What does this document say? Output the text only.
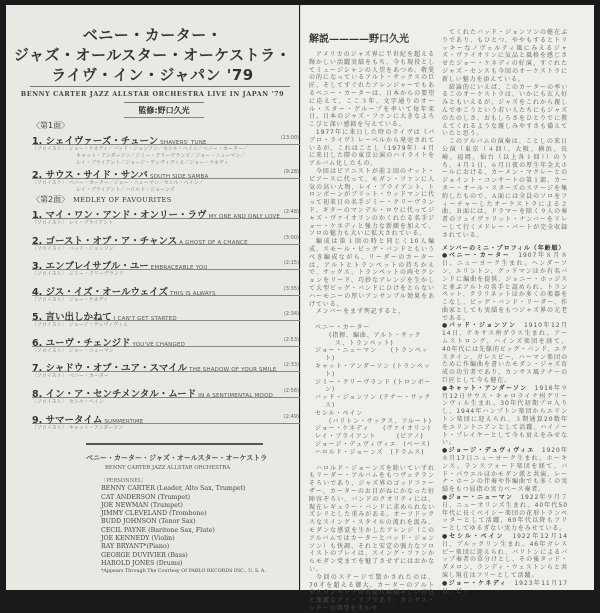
ベニー・カーター・
ジャズ・オールスター・オーケストラ・
ライヴ・イン・ジャパン '79
BENNY CARTER JAZZ ALLSTAR ORCHESTRA LIVE IN JAPAN '79
監修:野口久光
〈第1面〉
1. シェイヴァーズ・チューン SHAVERS' TUNE
(13:00)
〔ソロイスト〕 ジョー・ケネディ／バッド・ジョンソン／セシル・ペイン／ベニー・カーター／
キャット・アンダーソン／ジミー・クリーヴランド／ジョー・ニューマン／
レイ・ブライアント／ジョージ・デュヴィヴィエ／ジョー・ケネディ
2. サウス・サイド・サンバ SOUTH SIDE SAMBA
(9:28)
〔ソロイスト〕 ベニー・カーター／ジョー・ニューマン／セシル・ペイン／
レイ・ブライアント／ハロルド・ジョーンズ
〈第2面〉 MEDLEY OF FAVOURITES
1. マイ・ワン・アンド・オンリー・ラヴ MY ONE AND ONLY LOVE
(2:48)
〔ソロイスト〕 レイ・ブライアント
2. ゴースト・オブ・ア・チャンス A GHOST OF A CHANCE
(3:00)
〔ソロイスト〕 バッド・ジョンソン
3. エンブレイサブル・ユー EMBRACEABLE YOU
(2:15)
〔ソロイスト〕 ジミー・クリーヴランド
4. ジス・イズ・オールウェイズ THIS IS ALWAYS
(3:35)
〔ソロイスト〕 ジョー・ケネディ
5. 言い出しかねて I CAN'T GET STARTED
(2:34)
〔ソロイスト〕 ジョージ・デュヴィヴィエ
6. ユーヴ・チェンジド YOU'VE CHANGED
(2:53)
〔ソロイスト〕 ジョー・ニューマン
7. シャドウ・オブ・ユア・スマイル THE SHADOW OF YOUR SMILE
(2:33)
〔ソロイスト〕 ベニー・カーター
8. イン・ア・センチメンタル・ムード IN A SENTIMENTAL MOOD
(2:56)
〔ソロイスト〕 セシル・ペイン
9. サマータイム SUMMERTIME
(2:49)
〔ソロイスト〕 キャット・アンダーソン
ベニー・カーター・ジャズ・オールスター・オーケストラ
BENNY CARTER JAZZ ALLSTAR ORCHESTRA
〔PERSONNEL〕
BENNY CARTER (Leader, Alto Sax, Trumpet)
CAT ANDERSON (Trumpet)
JOE NEWMAN (Trumpet)
JIMMY CLEVELAND (Trombone)
BUDD JOHNSON (Tenor Sax)
CECIL PAYNE (Baritone Sax, Flute)
JOE KENNEDY (Violin)
RAY BRYANT*(Piano)
GEORGE DUVIVIER (Bass)
HAROLD JONES (Drums)
*Appears Through The Courtesy Of PABLO RECORDS INC., U. S. A.
解説————野口久光

アメリカのジャズ界に半世紀を超える輝かしい活躍実績をもち、今も現役としてミュージシャンの人望をあつめ、敬愛の的になっているアルト・サックスの巨匠、そしてすぐれたアレンジャーでもあるベニー・カーターは、日本からの要望に応えて、ここ３年、文字通りのオール・スター・グループを率いて毎年来日、日本のジャズ・ファンに大きなよろこびと深い感銘を与えている。

1977年に来日した時のライヴは《パブロ・ライヴ》レーベルから発売されているが、これはことし（1979年）４月に来日した際の東京公演のハイライトをアルバム化したもの。

今回はピアニストが前２回のナット・ピアースに代って、モダン・ファンに人気の高い大物、レイ・ブライアント、トロンボーンがブリット・ウッドマンに代って初来日の名手ジミー・クリーヴランド、ギターのマンデル・ロウに代ってジャズ・ヴァイオリンのかくれたる名手ジョー・ケネディと強力な新顔を加えて、ソロの魅力も大いに拡大されている。

編成は第１回の時と同じく10人編成、スモール・ビッグ・バンドともいうべき編成ながら、リーダーのカーターは、アルトとトランペットの持ちかえで、サックス、トランペットの両セクションをリード、巧妙なアレンジを生かして大型ビッグ・バンドにひけをとらないハーモニーの厚いアンサンブル効果をあげている。

メンバーをまず列記すると、

ベニー・カーター
(指揮、編曲、アルト・サックス、トランペット)
ジョー・ニューマン　　(トランペット)
キャット・アンダーソン (トランペット)
ジミー・クリーヴランド (トロンボーン)
バッド・ジョンソン (テナー・サックス)
セシル・ペイン
(バリトン・サックス、フルート)
ジョー・ケネディ　　(ヴァイオリン)
レイ・ブライアント　　　(ピアノ)
ジョージ・デュヴィヴィエ　(ベース)
ハロルド・ジョーンズ　(ドラムス)

ハロルド・ジョーンズを除いていずれもリーダー・アルバムをもつヴェテランそろいであり、ジャズ界のゴッドファーザー、カーターのお目がねにかなった好陣容ぞろい、バンドのクオリティには、現在レギュラー・バンドに求められないズシリとした重みがある。オーソドックスなスイング・スタイルの流れを汲み、モダンな感覚を生かしたアレンジ（このアルバムではカーターとバッド・ジョンソン）も快調、それと安定の強力なソロイストのプレイは、スイング・ファンからモダン党までを魅了させずにはおかない。

今回のステージで驚かされたのは、70才を超える御大、カーターのアルトやトランペットの昔変らぬ瑞々しい音色と流麗なアド・リブであり、カンサス・シチーの典型をきかせ

てくれたバッド・ジョンソンの健在ぶりであり、もひとつ、ややもするとトリッキーなノヴェルティ風にみえるジャズ・ヴァイオリンに気品と風格を感じさせたジョー・ケネディの好演、すぐれたジャズ・センスも今回のオーケストラに新しい魅力を添えている。

結論的にいえば、このカーターの率いるこのオーケストラは、いかにも玄人好みともいえるが、ジャズをこれから親しんでゆこうという若い人たちにもジャズのたのしさ、おもしろさをひとりでに教えてくれるような親しみやすさも備えていたと思う。

このアルバムの演奏は、ことしの来日公演（東京（４回）、大阪、横浜、長崎、福岡、仙台（以上各１回））のうち、４月１日、６月日夜の厚生年金大ホールにおける、カーメン・マクレーとのジョイント・コンサートの第１部、カーター・オール・スターズのステージを集約したもので、Ａ面には全員のソロをフィーチャーしたオーケストラによる２曲、Ｂ面には、ドラマーを除く９人の奏者のフェイヴァリット・ナンバーをリレーして行くメドレー・パートが完全収録されている。

メンバーのミニ・プロフィル（年齢順）

●ベニー・カーター　1907年８月８日、ニューヨーク生まれ。ヘンダーソン、エリントン、グッドマンほか有名バンドに編曲を提供、ジョニー・ホッジスと並ぶアルトの名手と認められ、トランペット、クラリネットほか多くの楽器をこなし、ビッグ・バンド・リーダー、作曲家としても実績をもつジャズ界の元老である。

●バッド・ジョンソン　1910年12月14日、テキサス州ダラス生まれ。アームストロング、ハインズ楽団を経て、40年代には先駆的ビッグ・バンド、エクスタイン、ガレスピー、ハーマン楽団のために作編曲を書いたモダン・ジャズ育成の功労者であり、カンサス風テナーの巨匠として今も健在。

●キャット・アンダーソン　1916年９月12日サウス・キャロライナ州グリーンヴィル生まれ。30年代初期プロ入りし、1944年ハンプトン楽団からエリントン楽団に迎えられ、３期通算20数年をエリントニアンとして活躍、ハイノート・プレイヤーとして今も衰えをみせない。

●ジョージ・デュヴィヴィエ　1920年８月17日ニューヨーク生まれ。ホーキンス、ランスフォード楽団を経て、バド・パウエルほかモダン派と共演、レーナ・ホーンの伴奏や作編曲でも多くの実績をもつ屈指の実力ベース奏者。

●ジョー・ニューマン　1922年９月７日、ニューオリンズ生まれ。40年代50年代に長くベイシー楽団の花形トランペッターとして活躍、60年代以降もフリーとしてゆるぎない実力をみせている。

●セシル・ペイン　1922年12月14日、ブルックリン生まれ。46年ガレスピー楽団に迎えられ、バリトンによるバップ奏者の草分けとし、その後タッド・ダメロン、ランディ・ウェストンらと共演し現在はフリーとして活躍。

●ジョー・ケネディ　1923年11月17日、ピッ
